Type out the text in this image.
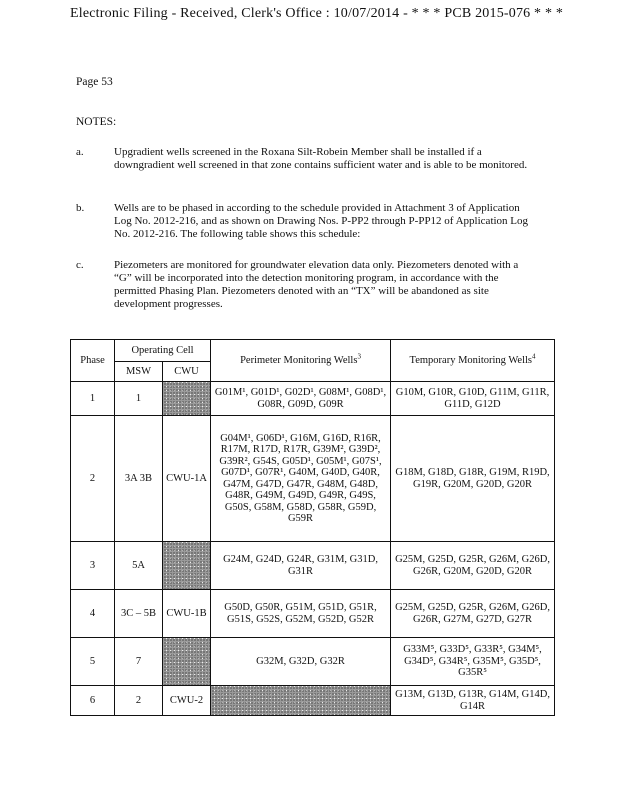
Electronic Filing - Received, Clerk's Office : 10/07/2014 - * * * PCB 2015-076 * * *
Page 53
NOTES:
a.	Upgradient wells screened in the Roxana Silt-Robein Member shall be installed if a downgradient well screened in that zone contains sufficient water and is able to be monitored.
b.	Wells are to be phased in according to the schedule provided in Attachment 3 of Application Log No. 2012-216, and as shown on Drawing Nos. P-PP2 through P-PP12 of Application Log No. 2012-216. The following table shows this schedule:
c.	Piezometers are monitored for groundwater elevation data only. Piezometers denoted with a “G” will be incorporated into the detection monitoring program, in accordance with the permitted Phasing Plan. Piezometers denoted with an “TX” will be abandoned as site development progresses.
Phase	Operating Cell		Perimeter Monitoring Wells$^3$	Temporary Monitoring Wells$^4$
	MSW	CWU		
1	1		G01M¹, G01D¹, G02D¹, G08M¹, G08D¹, G08R, G09D, G09R	G10M, G10R, G10D, G11M, G11R, G11D, G12D
2	3A 3B	CWU-1A	G04M¹, G06D¹, G16M, G16D, R16R, R17M, R17D, R17R, G39M², G39D², G39R², G54S, G05D¹, G05M¹, G07S¹, G07D¹, G07R¹, G40M, G40D, G40R, G47M, G47D, G47R, G48M, G48D, G48R, G49M, G49D, G49R, G49S, G50S, G58M, G58D, G58R, G59D, G59R	G18M, G18D, G18R, G19M, R19D, G19R, G20M, G20D, G20R
3	5A		G24M, G24D, G24R, G31M, G31D, G31R	G25M, G25D, G25R, G26M, G26D, G26R, G20M, G20D, G20R
4	3C – 5B	CWU-1B	G50D, G50R, G51M, G51D, G51R, G51S, G52S, G52M, G52D, G52R	G25M, G25D, G25R, G26M, G26D, G26R, G27M, G27D, G27R
5	7		G32M, G32D, G32R	G33M⁵, G33D⁵, G33R⁵, G34M⁵, G34D⁵, G34R⁵, G35M⁵, G35D⁵, G35R⁵
6	2	CWU-2		G13M, G13D, G13R, G14M, G14D, G14R
